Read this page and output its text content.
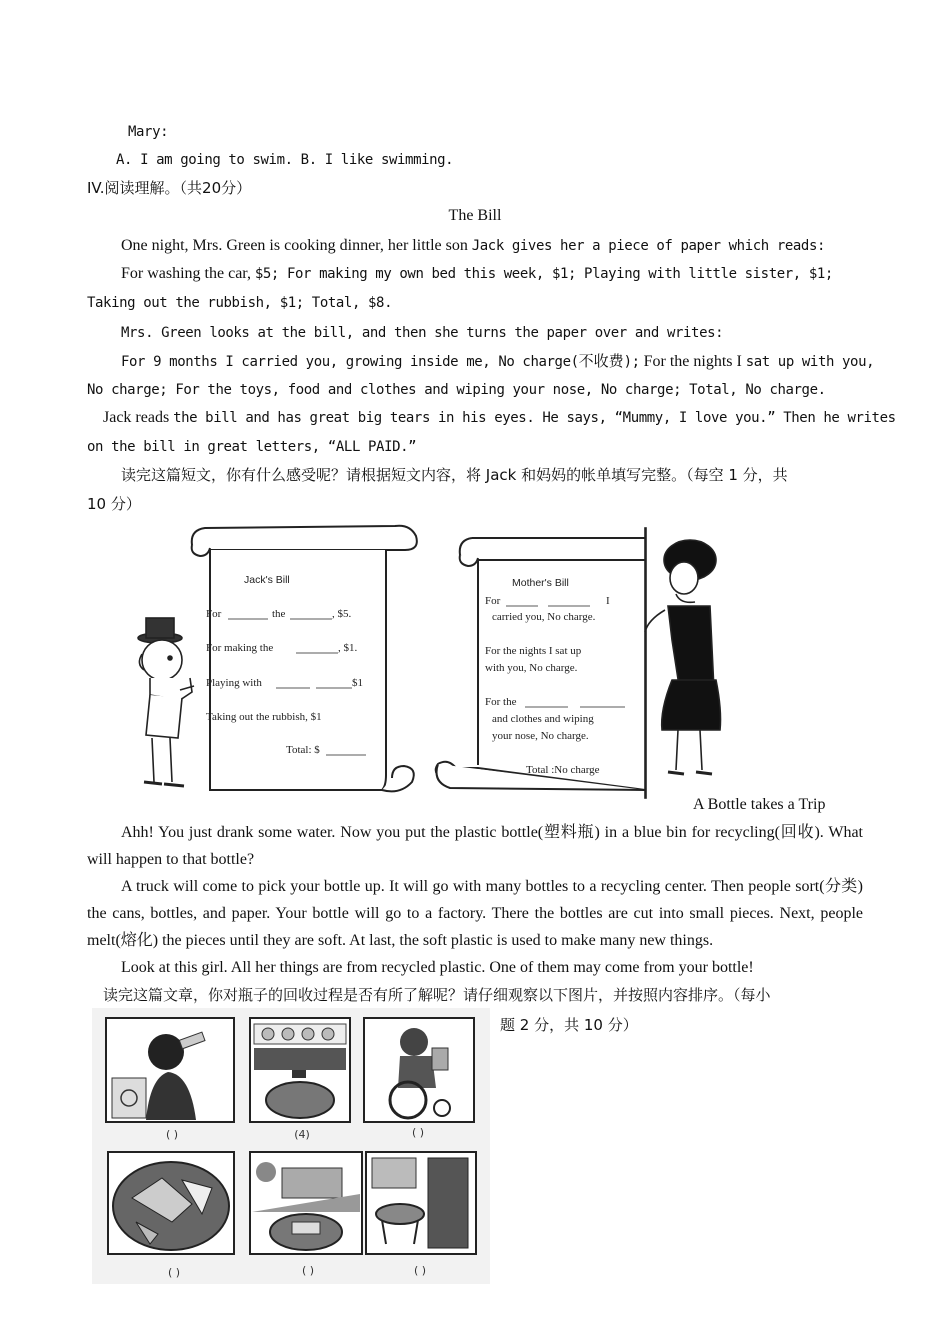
Mary:
A. I am going to swim. B. I like swimming.
IV.阅读理解。（共20分）
The Bill
One night, Mrs. Green is cooking dinner, her little son Jack gives her a piece of paper which reads:
For washing the car, $5; For making my own bed this week, $1; Playing with little sister, $1;
Taking out the rubbish, $1; Total, $8.
Mrs. Green looks at the bill, and then she turns the paper over and writes:
For 9 months I carried you, growing inside me, No charge(不收费); For the nights I sat up with you,
No charge; For the toys, food and clothes and wiping your nose, No charge; Total, No charge.
Jack reads the bill and has great big tears in his eyes. He says, “Mummy, I love you.” Then he writes
on the bill in great letters, “ALL PAID.”
读完这篇短文，你有什么感受呢？请根据短文内容，将 Jack 和妈妈的帐单填写完整。（每空 1 分，共
10 分）
Jack's Bill
For	the	, $5.
For making the	, $1.
Playing with	$1
Taking out the rubbish, $1
Total: $
Mother's Bill
For	I
carried you, No charge.
For the nights I sat up
with you, No charge.
For the
and clothes and wiping
your nose, No charge.
Total :No charge
A Bottle takes a Trip
Ahh! You just drank some water. Now you put the plastic bottle(塑料瓶) in a blue bin for recycling(回收). What will happen to that bottle?
A truck will come to pick your bottle up. It will go with many bottles to a recycling center. Then people sort(分类) the cans, bottles, and paper. Your bottle will go to a factory. There the bottles are cut into small pieces. Next, people melt(熔化) the pieces until they are soft. At last, the soft plastic is used to make many new things.
Look at this girl. All her things are from recycled plastic. One of them may come from your bottle!
读完这篇文章，你对瓶子的回收过程是否有所了解呢？请仔细观察以下图片，并按照内容排序。（每小
题 2 分，共 10 分）
( )	(4)	( )
( )	( )	( )
